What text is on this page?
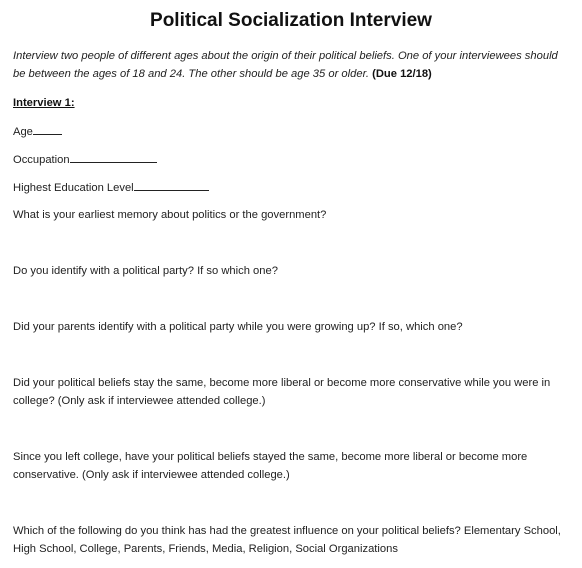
Political Socialization Interview

Interview two people of different ages about the origin of their political beliefs. One of your interviewees should be between the ages of 18 and 24. The other should be age 35 or older. (Due 12/18)

Interview 1:

Age

Occupation

Highest Education Level

What is your earliest memory about politics or the government?

Do you identify with a political party? If so which one?

Did your parents identify with a political party while you were growing up? If so, which one?

Did your political beliefs stay the same, become more liberal or become more conservative while you were in college? (Only ask if interviewee attended college.)

Since you left college, have your political beliefs stayed the same, become more liberal or become more conservative. (Only ask if interviewee attended college.)

Which of the following do you think has had the greatest influence on your political beliefs? Elementary School, High School, College, Parents, Friends, Media, Religion, Social Organizations
